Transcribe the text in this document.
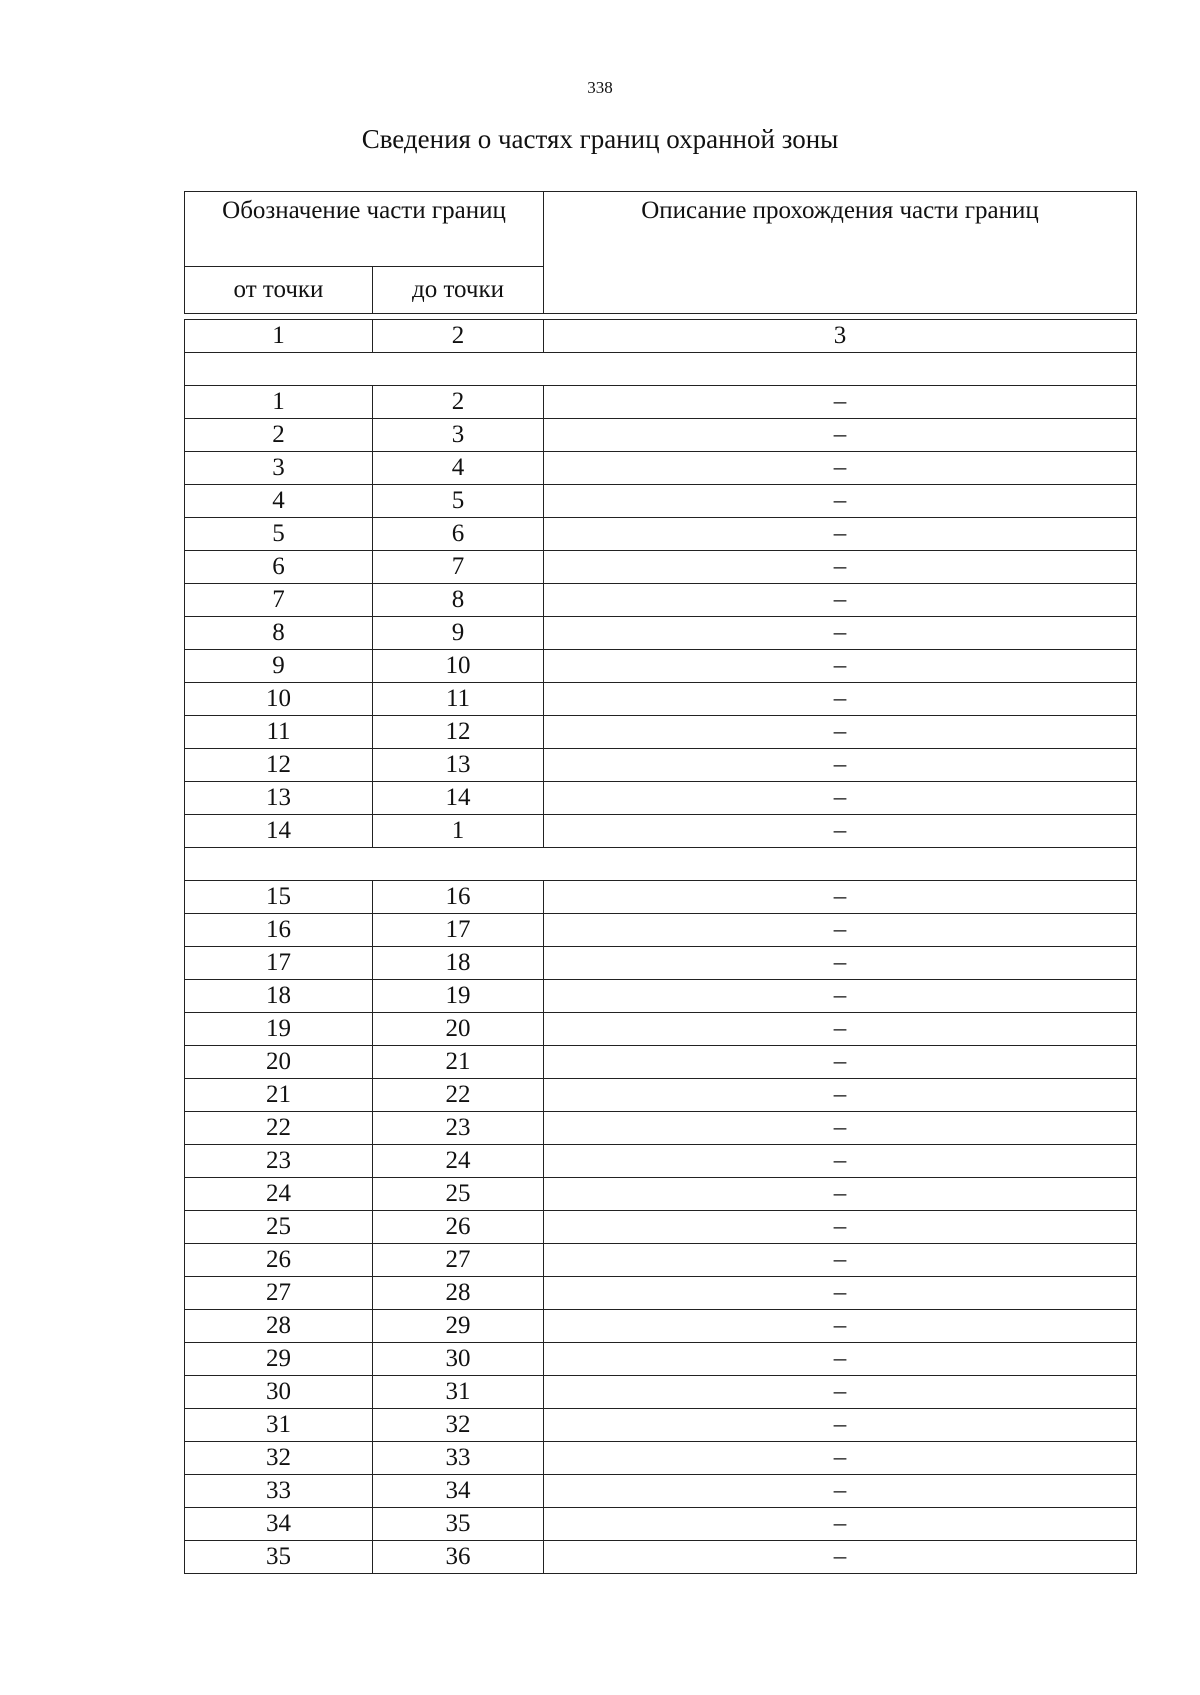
338
Сведения о частях границ охранной зоны
Обозначение части границ		Описание прохождения части границ
от точки	до точки	

1	2	3

1	2	–
2	3	–
3	4	–
4	5	–
5	6	–
6	7	–
7	8	–
8	9	–
9	10	–
10	11	–
11	12	–
12	13	–
13	14	–
14	1	–

15	16	–
16	17	–
17	18	–
18	19	–
19	20	–
20	21	–
21	22	–
22	23	–
23	24	–
24	25	–
25	26	–
26	27	–
27	28	–
28	29	–
29	30	–
30	31	–
31	32	–
32	33	–
33	34	–
34	35	–
35	36	–
